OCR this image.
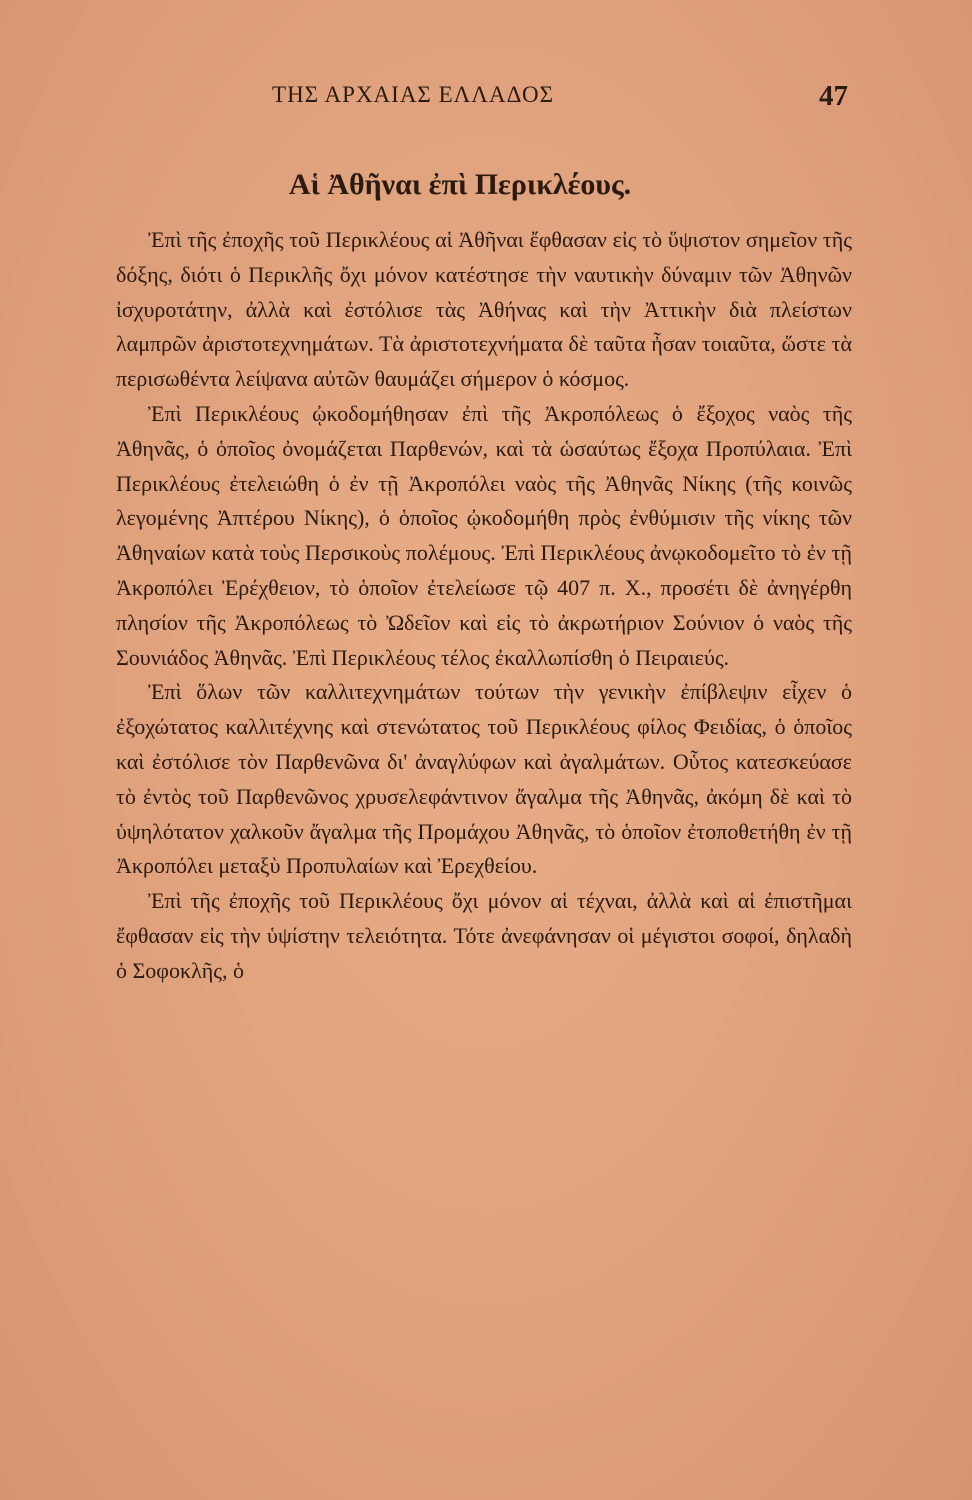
ΤΗΣ ΑΡΧΑΙΑΣ ΕΛΛΑΔΟΣ	47
Αἱ Ἀθῆναι ἐπὶ Περικλέους.

Ἐπὶ τῆς ἐποχῆς τοῦ Περικλέους αἱ Ἀθῆναι ἔφθασαν εἰς τὸ ὕψιστον σημεῖον τῆς δόξης, διότι ὁ Περικλῆς ὄχι μόνον κατέστησε τὴν ναυτικὴν δύναμιν τῶν Ἀθηνῶν ἰσχυροτάτην, ἀλλὰ καὶ ἐστόλισε τὰς Ἀθήνας καὶ τὴν Ἀττικὴν διὰ πλείστων λαμπρῶν ἀριστοτεχνημάτων. Τὰ ἀριστοτεχνήματα δὲ ταῦτα ἦσαν τοιαῦτα, ὥστε τὰ περισωθέντα λείψανα αὐτῶν θαυμάζει σήμερον ὁ κόσμος.

Ἐπὶ Περικλέους ᾠκοδομήθησαν ἐπὶ τῆς Ἀκροπόλεως ὁ ἔξοχος ναὸς τῆς Ἀθηνᾶς, ὁ ὁποῖος ὀνομάζεται Παρθενών, καὶ τὰ ὡσαύτως ἔξοχα Προπύλαια. Ἐπὶ Περικλέους ἐτελειώθη ὁ ἐν τῇ Ἀκροπόλει ναὸς τῆς Ἀθηνᾶς Νίκης (τῆς κοινῶς λεγομένης Ἀπτέρου Νίκης), ὁ ὁποῖος ᾠκοδομήθη πρὸς ἐνθύμισιν τῆς νίκης τῶν Ἀθηναίων κατὰ τοὺς Περσικοὺς πολέμους. Ἐπὶ Περικλέους ἀνῳκοδομεῖτο τὸ ἐν τῇ Ἀκροπόλει Ἐρέχθειον, τὸ ὁποῖον ἐτελείωσε τῷ 407 π. Χ., προσέτι δὲ ἀνηγέρθη πλησίον τῆς Ἀκροπόλεως τὸ Ὠδεῖον καὶ εἰς τὸ ἀκρωτήριον Σούνιον ὁ ναὸς τῆς Σουνιάδος Ἀθηνᾶς. Ἐπὶ Περικλέους τέλος ἐκαλλωπίσθη ὁ Πειραιεύς.

Ἐπὶ ὅλων τῶν καλλιτεχνημάτων τούτων τὴν γενικὴν ἐπίβλεψιν εἶχεν ὁ ἐξοχώτατος καλλιτέχνης καὶ στενώτατος τοῦ Περικλέους φίλος Φειδίας, ὁ ὁποῖος καὶ ἐστόλισε τὸν Παρθενῶνα δι' ἀναγλύφων καὶ ἀγαλμάτων. Οὗτος κατεσκεύασε τὸ ἐντὸς τοῦ Παρθενῶνος χρυσελεφάντινον ἄγαλμα τῆς Ἀθηνᾶς, ἀκόμη δὲ καὶ τὸ ὑψηλότατον χαλκοῦν ἄγαλμα τῆς Προμάχου Ἀθηνᾶς, τὸ ὁποῖον ἐτοποθετήθη ἐν τῇ Ἀκροπόλει μεταξὺ Προπυλαίων καὶ Ἐρεχθείου.

Ἐπὶ τῆς ἐποχῆς τοῦ Περικλέους ὄχι μόνον αἱ τέχναι, ἀλλὰ καὶ αἱ ἐπιστῆμαι ἔφθασαν εἰς τὴν ὑψίστην τελειότητα. Τότε ἀνεφάνησαν οἱ μέγιστοι σοφοί, δηλαδὴ ὁ Σοφοκλῆς, ὁ
